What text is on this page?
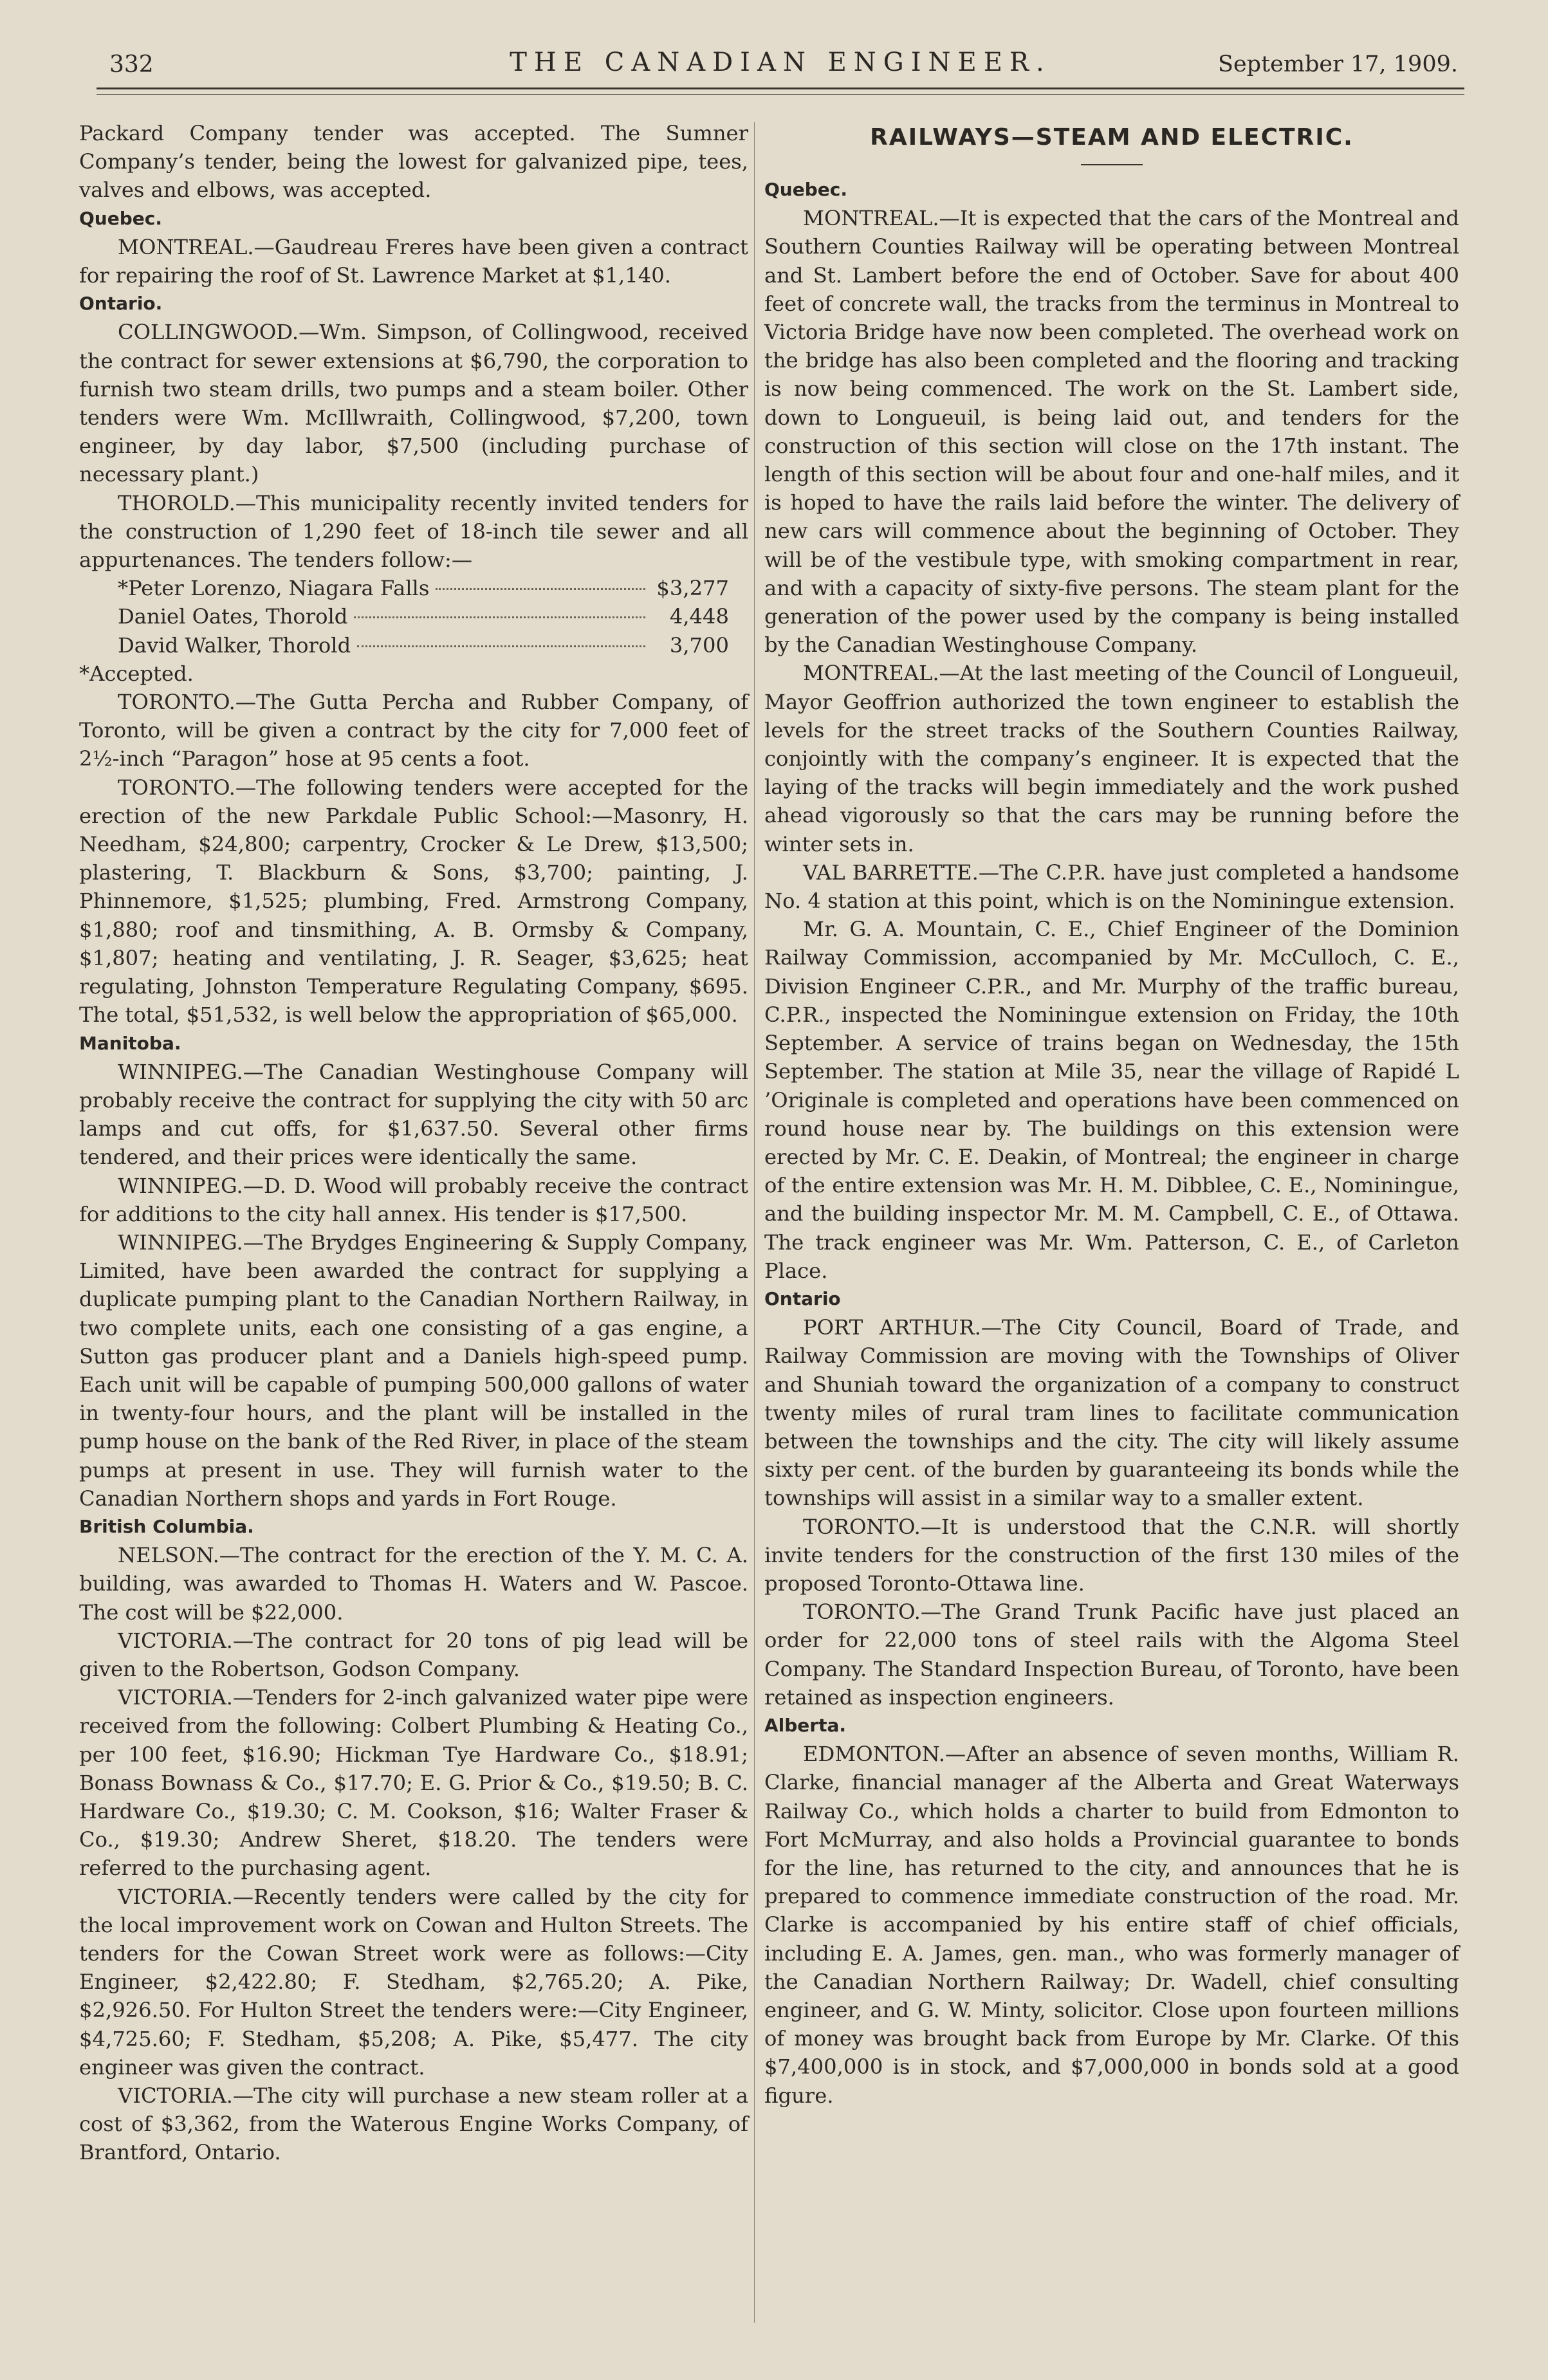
332	THE CANADIAN ENGINEER.	September 17, 1909.

Packard Company tender was accepted. The Sumner Company’s tender, being the lowest for galvanized pipe, tees, valves and elbows, was accepted.

Quebec.

MONTREAL.—Gaudreau Freres have been given a contract for repairing the roof of St. Lawrence Market at $1,140.

Ontario.

COLLINGWOOD.—Wm. Simpson, of Collingwood, received the contract for sewer extensions at $6,790, the corporation to furnish two steam drills, two pumps and a steam boiler. Other tenders were Wm. McIllwraith, Collingwood, $7,200, town engineer, by day labor, $7,500 (including purchase of necessary plant.)

THOROLD.—This municipality recently invited tenders for the construction of 1,290 feet of 18-inch tile sewer and all appurtenances. The tenders follow:—

*Peter Lorenzo, Niagara Falls	$3,277
Daniel Oates, Thorold	4,448
David Walker, Thorold	3,700

*Accepted.

TORONTO.—The Gutta Percha and Rubber Company, of Toronto, will be given a contract by the city for 7,000 feet of 2½-inch “Paragon” hose at 95 cents a foot.

TORONTO.—The following tenders were accepted for the erection of the new Parkdale Public School:—Masonry, H. Needham, $24,800; carpentry, Crocker & Le Drew, $13,500; plastering, T. Blackburn & Sons, $3,700; painting, J. Phinnemore, $1,525; plumbing, Fred. Armstrong Company, $1,880; roof and tinsmithing, A. B. Ormsby & Company, $1,807; heating and ventilating, J. R. Seager, $3,625; heat regulating, Johnston Temperature Regulating Company, $695. The total, $51,532, is well below the appropriation of $65,000.

Manitoba.

WINNIPEG.—The Canadian Westinghouse Company will probably receive the contract for supplying the city with 50 arc lamps and cut offs, for $1,637.50. Several other firms tendered, and their prices were identically the same.

WINNIPEG.—D. D. Wood will probably receive the contract for additions to the city hall annex. His tender is $17,500.

WINNIPEG.—The Brydges Engineering & Supply Company, Limited, have been awarded the contract for supplying a duplicate pumping plant to the Canadian Northern Railway, in two complete units, each one consisting of a gas engine, a Sutton gas producer plant and a Daniels high-speed pump. Each unit will be capable of pumping 500,000 gallons of water in twenty-four hours, and the plant will be installed in the pump house on the bank of the Red River, in place of the steam pumps at present in use. They will furnish water to the Canadian Northern shops and yards in Fort Rouge.

British Columbia.

NELSON.—The contract for the erection of the Y. M. C. A. building, was awarded to Thomas H. Waters and W. Pascoe. The cost will be $22,000.

VICTORIA.—The contract for 20 tons of pig lead will be given to the Robertson, Godson Company.

VICTORIA.—Tenders for 2-inch galvanized water pipe were received from the following: Colbert Plumbing & Heating Co., per 100 feet, $16.90; Hickman Tye Hardware Co., $18.91; Bonass Bownass & Co., $17.70; E. G. Prior & Co., $19.50; B. C. Hardware Co., $19.30; C. M. Cookson, $16; Walter Fraser & Co., $19.30; Andrew Sheret, $18.20. The tenders were referred to the purchasing agent.

VICTORIA.—Recently tenders were called by the city for the local improvement work on Cowan and Hulton Streets. The tenders for the Cowan Street work were as follows:—City Engineer, $2,422.80; F. Stedham, $2,765.20; A. Pike, $2,926.50. For Hulton Street the tenders were:—City Engineer, $4,725.60; F. Stedham, $5,208; A. Pike, $5,477. The city engineer was given the contract.

VICTORIA.—The city will purchase a new steam roller at a cost of $3,362, from the Waterous Engine Works Company, of Brantford, Ontario.

RAILWAYS—STEAM AND ELECTRIC.
Quebec.

MONTREAL.—It is expected that the cars of the Montreal and Southern Counties Railway will be operating between Montreal and St. Lambert before the end of October. Save for about 400 feet of concrete wall, the tracks from the terminus in Montreal to Victoria Bridge have now been completed. The overhead work on the bridge has also been completed and the flooring and tracking is now being commenced. The work on the St. Lambert side, down to Longueuil, is being laid out, and tenders for the construction of this section will close on the 17th instant. The length of this section will be about four and one-half miles, and it is hoped to have the rails laid before the winter. The delivery of new cars will commence about the beginning of October. They will be of the vestibule type, with smoking compartment in rear, and with a capacity of sixty-five persons. The steam plant for the generation of the power used by the company is being installed by the Canadian Westinghouse Company.

MONTREAL.—At the last meeting of the Council of Longueuil, Mayor Geoffrion authorized the town engineer to establish the levels for the street tracks of the Southern Counties Railway, conjointly with the company’s engineer. It is expected that the laying of the tracks will begin immediately and the work pushed ahead vigorously so that the cars may be running before the winter sets in.

VAL BARRETTE.—The C.P.R. have just completed a handsome No. 4 station at this point, which is on the Nominingue extension.

Mr. G. A. Mountain, C. E., Chief Engineer of the Dominion Railway Commission, accompanied by Mr. McCulloch, C. E., Division Engineer C.P.R., and Mr. Murphy of the traffic bureau, C.P.R., inspected the Nominingue extension on Friday, the 10th September. A service of trains began on Wednesday, the 15th September. The station at Mile 35, near the village of Rapidé L ’Originale is completed and operations have been commenced on round house near by. The buildings on this extension were erected by Mr. C. E. Deakin, of Montreal; the engineer in charge of the entire extension was Mr. H. M. Dibblee, C. E., Nominingue, and the building inspector Mr. M. M. Campbell, C. E., of Ottawa. The track engineer was Mr. Wm. Patterson, C. E., of Carleton Place.

Ontario

PORT ARTHUR.—The City Council, Board of Trade, and Railway Commission are moving with the Townships of Oliver and Shuniah toward the organization of a company to construct twenty miles of rural tram lines to facilitate communication between the townships and the city. The city will likely assume sixty per cent. of the burden by guaranteeing its bonds while the townships will assist in a similar way to a smaller extent.

TORONTO.—It is understood that the C.N.R. will shortly invite tenders for the construction of the first 130 miles of the proposed Toronto-Ottawa line.

TORONTO.—The Grand Trunk Pacific have just placed an order for 22,000 tons of steel rails with the Algoma Steel Company. The Standard Inspection Bureau, of Toronto, have been retained as inspection engineers.

Alberta.

EDMONTON.—After an absence of seven months, William R. Clarke, financial manager af the Alberta and Great Waterways Railway Co., which holds a charter to build from Edmonton to Fort McMurray, and also holds a Provincial guarantee to bonds for the line, has returned to the city, and announces that he is prepared to commence immediate construction of the road. Mr. Clarke is accompanied by his entire staff of chief officials, including E. A. James, gen. man., who was formerly manager of the Canadian Northern Railway; Dr. Wadell, chief consulting engineer, and G. W. Minty, solicitor. Close upon fourteen millions of money was brought back from Europe by Mr. Clarke. Of this $7,400,000 is in stock, and $7,000,000 in bonds sold at a good figure.
